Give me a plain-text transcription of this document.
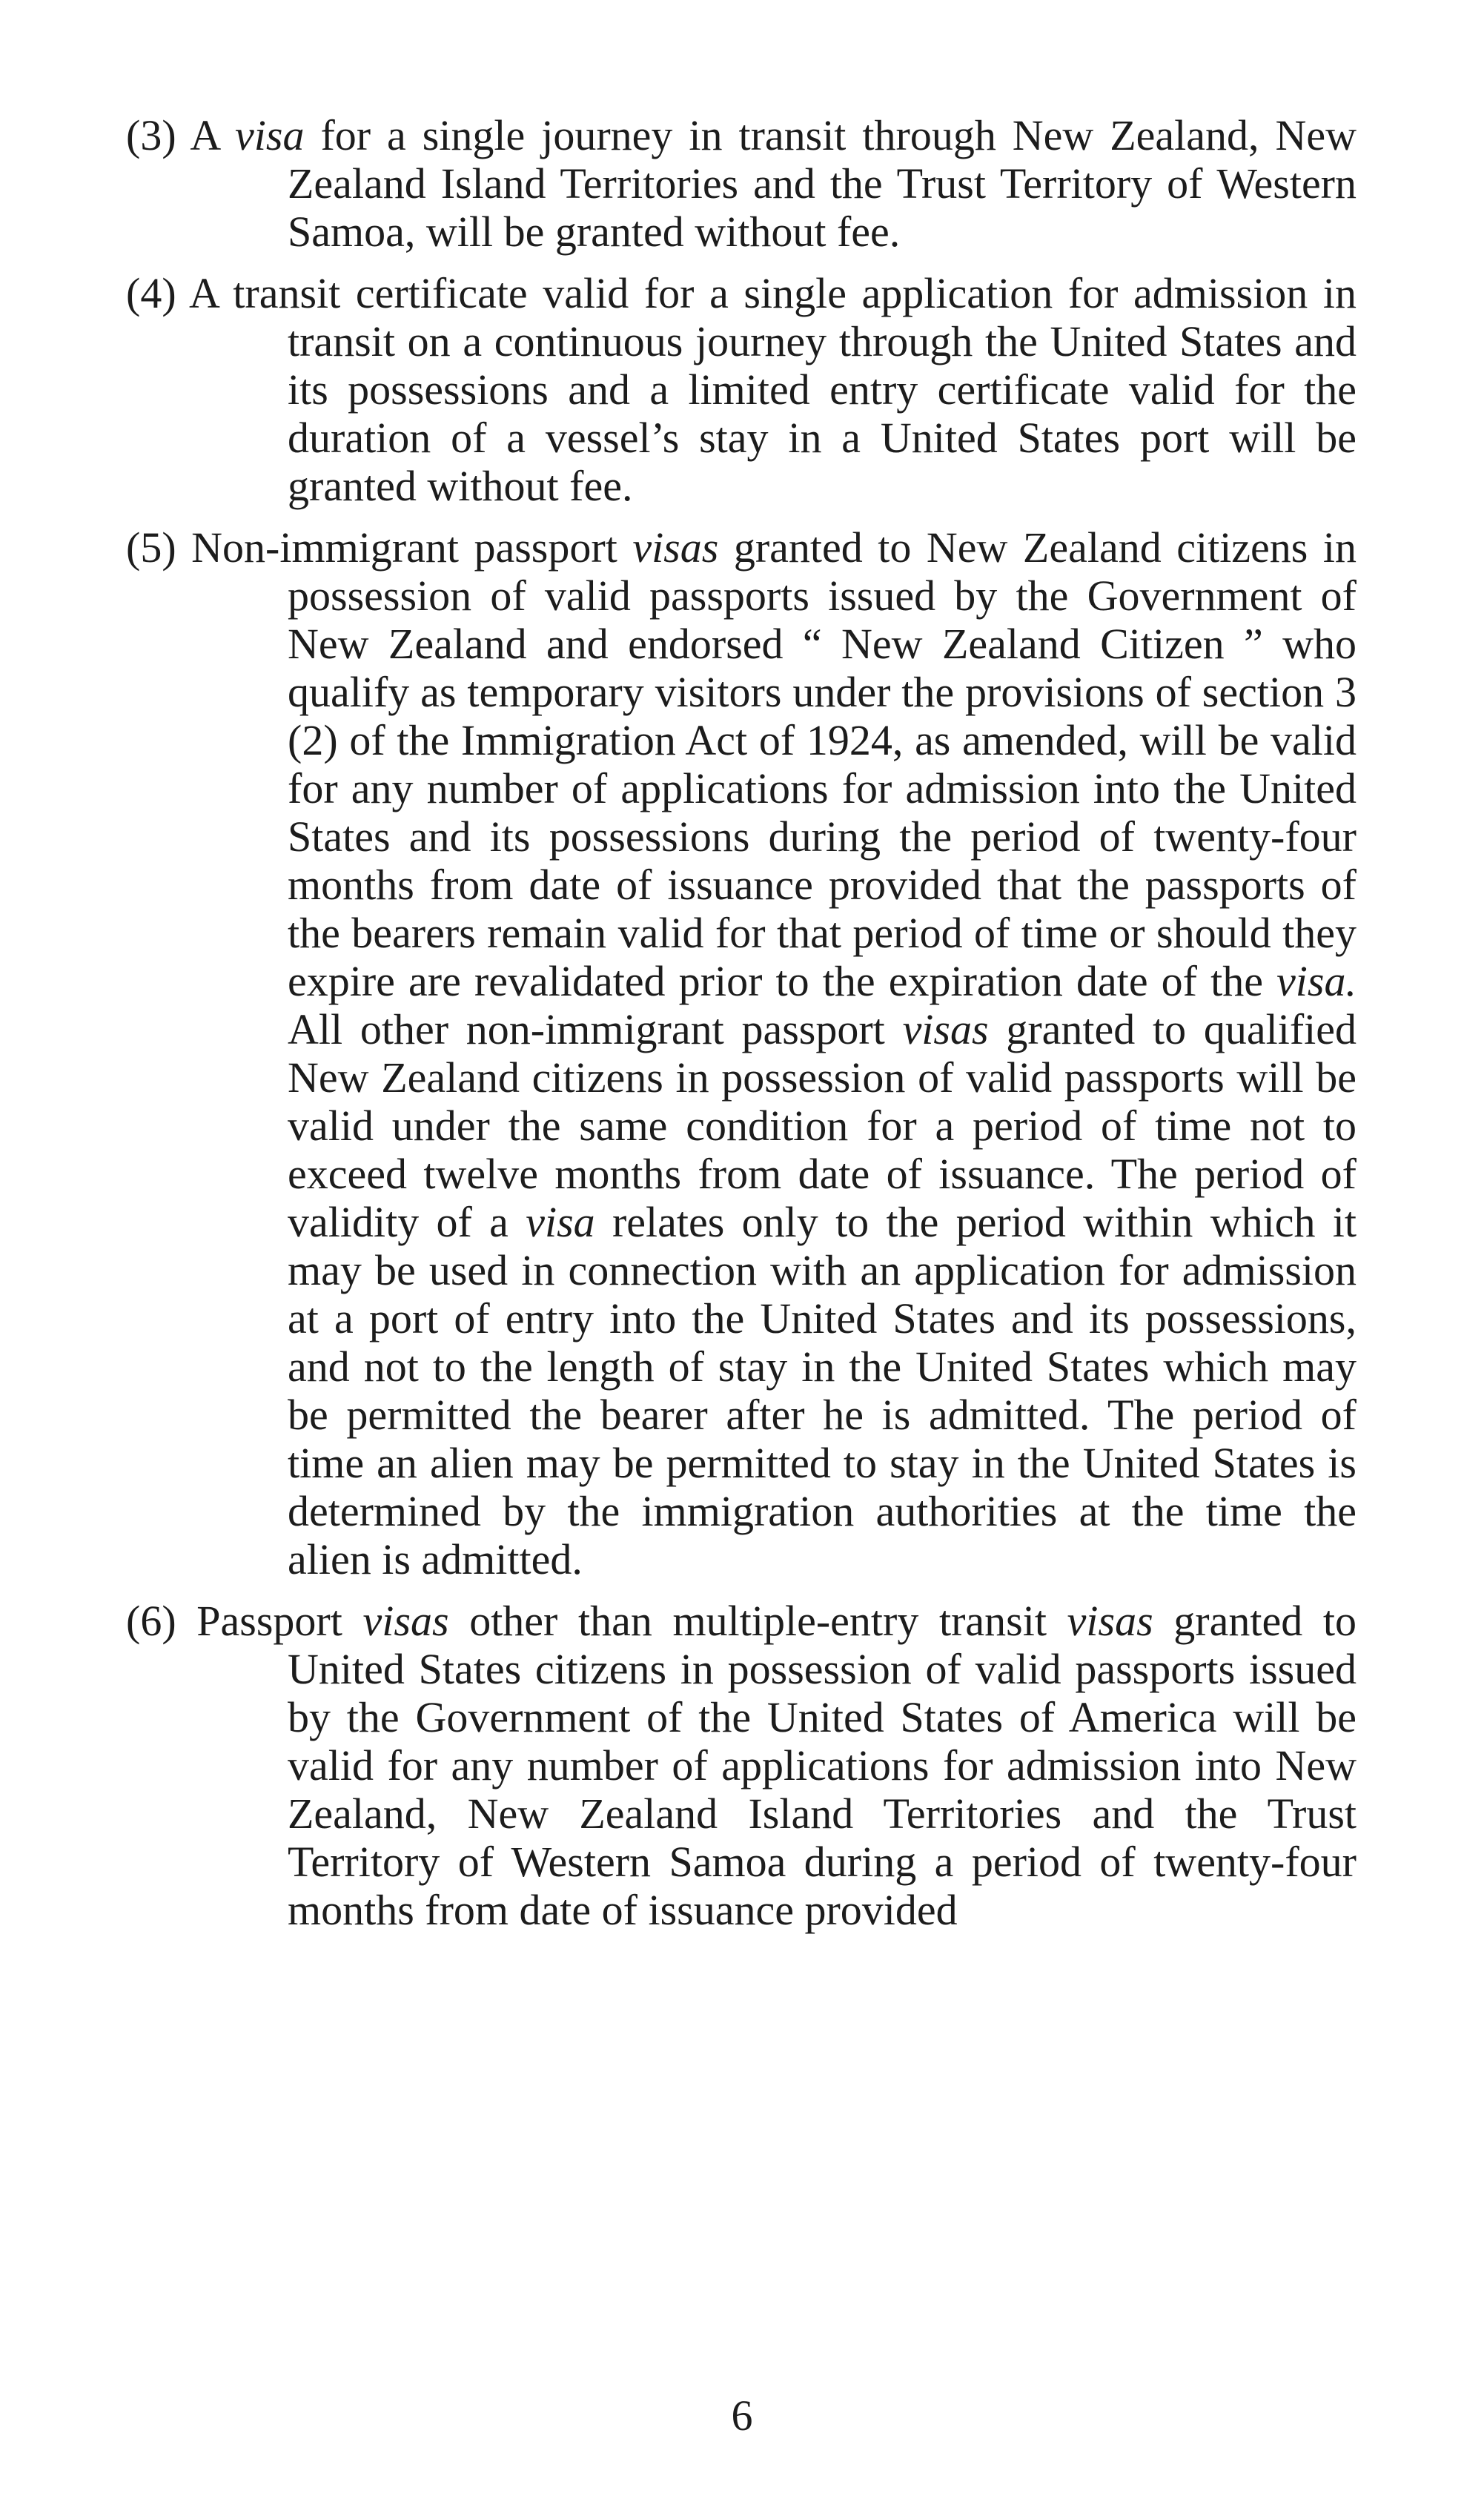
(3) A visa for a single journey in transit through New Zealand, New Zealand Island Territories and the Trust Territory of Western Samoa, will be granted without fee.

(4) A transit certificate valid for a single application for admission in transit on a continuous journey through the United States and its possessions and a limited entry certificate valid for the duration of a vessel’s stay in a United States port will be granted without fee.

(5) Non-immigrant passport visas granted to New Zealand citizens in possession of valid passports issued by the Government of New Zealand and endorsed “ New Zealand Citizen ” who qualify as temporary visitors under the provisions of section 3 (2) of the Immigration Act of 1924, as amended, will be valid for any number of applications for admission into the United States and its possessions during the period of twenty-four months from date of issuance provided that the passports of the bearers remain valid for that period of time or should they expire are revalidated prior to the expiration date of the visa. All other non-immigrant passport visas granted to qualified New Zealand citizens in possession of valid passports will be valid under the same condition for a period of time not to exceed twelve months from date of issuance. The period of validity of a visa relates only to the period within which it may be used in connection with an application for admission at a port of entry into the United States and its possessions, and not to the length of stay in the United States which may be permitted the bearer after he is admitted. The period of time an alien may be permitted to stay in the United States is determined by the immigration authorities at the time the alien is admitted.

(6) Passport visas other than multiple-entry transit visas granted to United States citizens in possession of valid passports issued by the Government of the United States of America will be valid for any number of applications for admission into New Zealand, New Zealand Island Territories and the Trust Territory of Western Samoa during a period of twenty-four months from date of issuance provided

6
